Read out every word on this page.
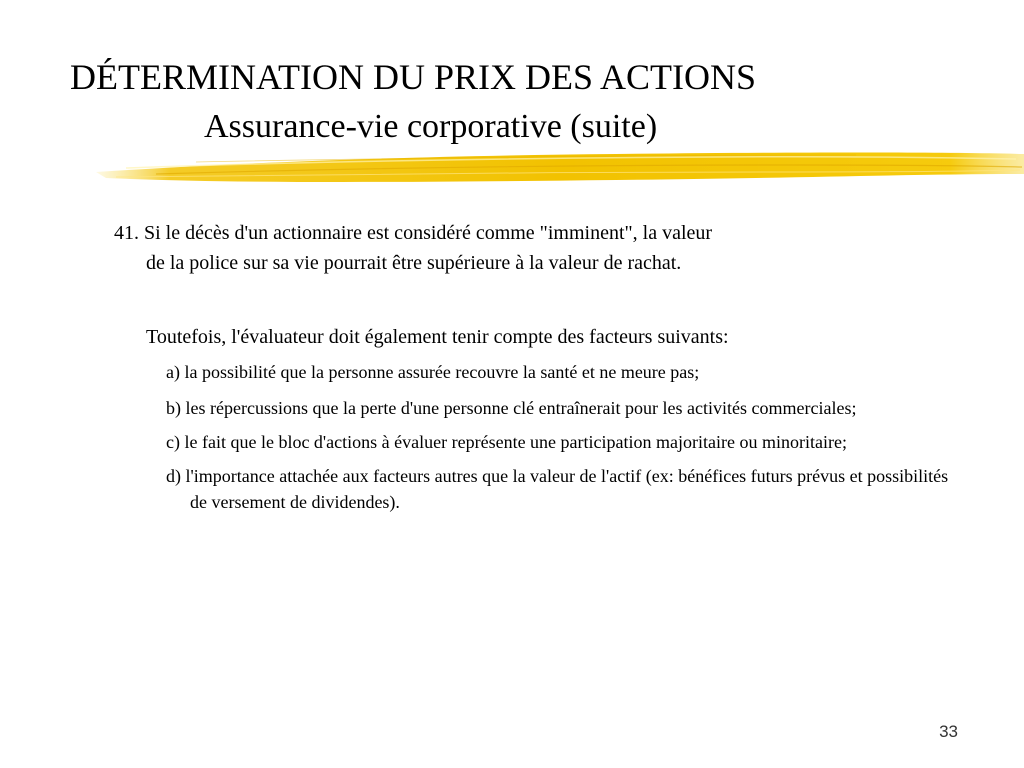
DÉTERMINATION DU PRIX DES ACTIONS
Assurance-vie corporative (suite)
41. Si le décès d'un actionnaire est considéré comme "imminent", la valeur
de la police sur sa vie pourrait être supérieure à la valeur de rachat.
Toutefois, l'évaluateur doit également tenir compte des facteurs suivants:
a) la possibilité que la personne assurée recouvre la santé et ne meure pas;
b) les répercussions que la perte d'une personne clé entraînerait pour les activités commerciales;
c) le fait que le bloc d'actions à évaluer représente une participation majoritaire ou minoritaire;
d) l'importance attachée aux facteurs autres que la valeur de l'actif (ex: bénéfices futurs prévus et possibilités de versement de dividendes).
33
